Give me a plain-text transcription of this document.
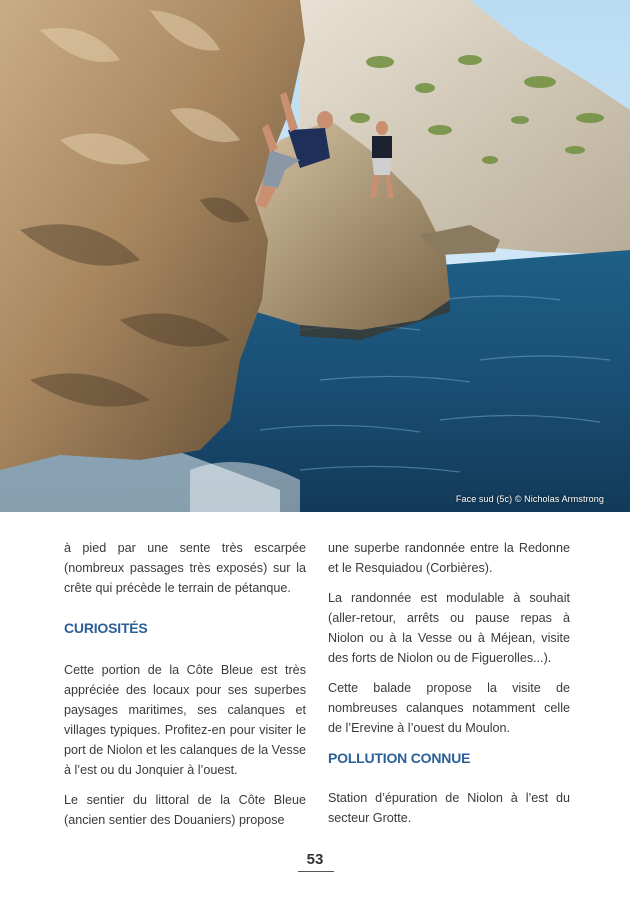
Face sud (5c) © Nicholas Armstrong

à pied par une sente très escarpée (nombreux passages très exposés) sur la crête qui précède le terrain de pétanque.

CURIOSITÉS

Cette portion de la Côte Bleue est très appréciée des locaux pour ses superbes paysages maritimes, ses calanques et villages typiques. Profitez-en pour visiter le port de Niolon et les calanques de la Vesse à l’est ou du Jonquier à l’ouest.

Le sentier du littoral de la Côte Bleue (ancien sentier des Douaniers) propose

une superbe randonnée entre la Redonne et le Resquiadou (Corbières).

La randonnée est modulable à souhait (aller-retour, arrêts ou pause repas à Niolon ou à la Vesse ou à Méjean, visite des forts de Niolon ou de Figuerolles...).

Cette balade propose la visite de nombreuses calanques notamment celle de l’Erevine à l’ouest du Moulon.

POLLUTION CONNUE

Station d’épuration de Niolon à l’est du secteur Grotte.

53
